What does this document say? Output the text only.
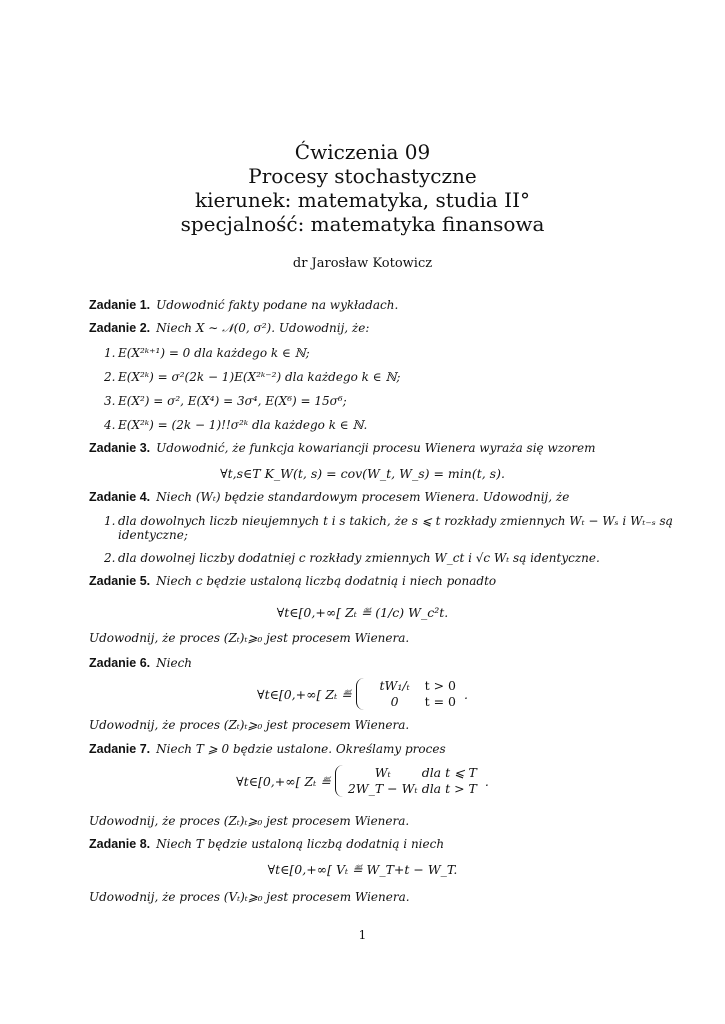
Ćwiczenia 09
Procesy stochastyczne
kierunek: matematyka, studia II°
specjalność: matematyka finansowa
dr Jarosław Kotowicz
Zadanie 1. Udowodnić fakty podane na wykładach.
Zadanie 2. Niech X ∼ 𝒩(0, σ²). Udowodnij, że:
1. E(X²ᵏ⁺¹) = 0 dla każdego k ∈ ℕ;
2. E(X²ᵏ) = σ²(2k − 1)E(X²ᵏ⁻²) dla każdego k ∈ ℕ;
3. E(X²) = σ², E(X⁴) = 3σ⁴, E(X⁶) = 15σ⁶;
4. E(X²ᵏ) = (2k − 1)!!σ²ᵏ dla każdego k ∈ ℕ.
Zadanie 3. Udowodnić, że funkcja kowariancji procesu Wienera wyraża się wzorem
∀t,s∈T K_W(t, s) = cov(W_t, W_s) = min(t, s).
Zadanie 4. Niech (Wₜ) będzie standardowym procesem Wienera. Udowodnij, że
1. dla dowolnych liczb nieujemnych t i s takich, że s ⩽ t rozkłady zmiennych Wₜ − Wₛ i Wₜ₋ₛ są
identyczne;
2. dla dowolnej liczby dodatniej c rozkłady zmiennych W_ct i √c Wₜ są identyczne.
Zadanie 5. Niech c będzie ustaloną liczbą dodatnią i niech ponadto
∀t∈[0,+∞[ Zₜ ≝ (1/c) W_c²t.
Udowodnij, że proces (Zₜ)ₜ⩾₀ jest procesem Wienera.
Zadanie 6. Niech
∀t∈[0,+∞[ Zₜ ≝
tW₁/ₜ t > 0
0 t = 0 .
Udowodnij, że proces (Zₜ)ₜ⩾₀ jest procesem Wienera.
Zadanie 7. Niech T ⩾ 0 będzie ustalone. Określamy proces
∀t∈[0,+∞[ Zₜ ≝
Wₜ dla t ⩽ T
2W_T − Wₜ dla t > T .
Udowodnij, że proces (Zₜ)ₜ⩾₀ jest procesem Wienera.
Zadanie 8. Niech T będzie ustaloną liczbą dodatnią i niech
∀t∈[0,+∞[ Vₜ ≝ W_T+t − W_T.
Udowodnij, że proces (Vₜ)ₜ⩾₀ jest procesem Wienera.
1
